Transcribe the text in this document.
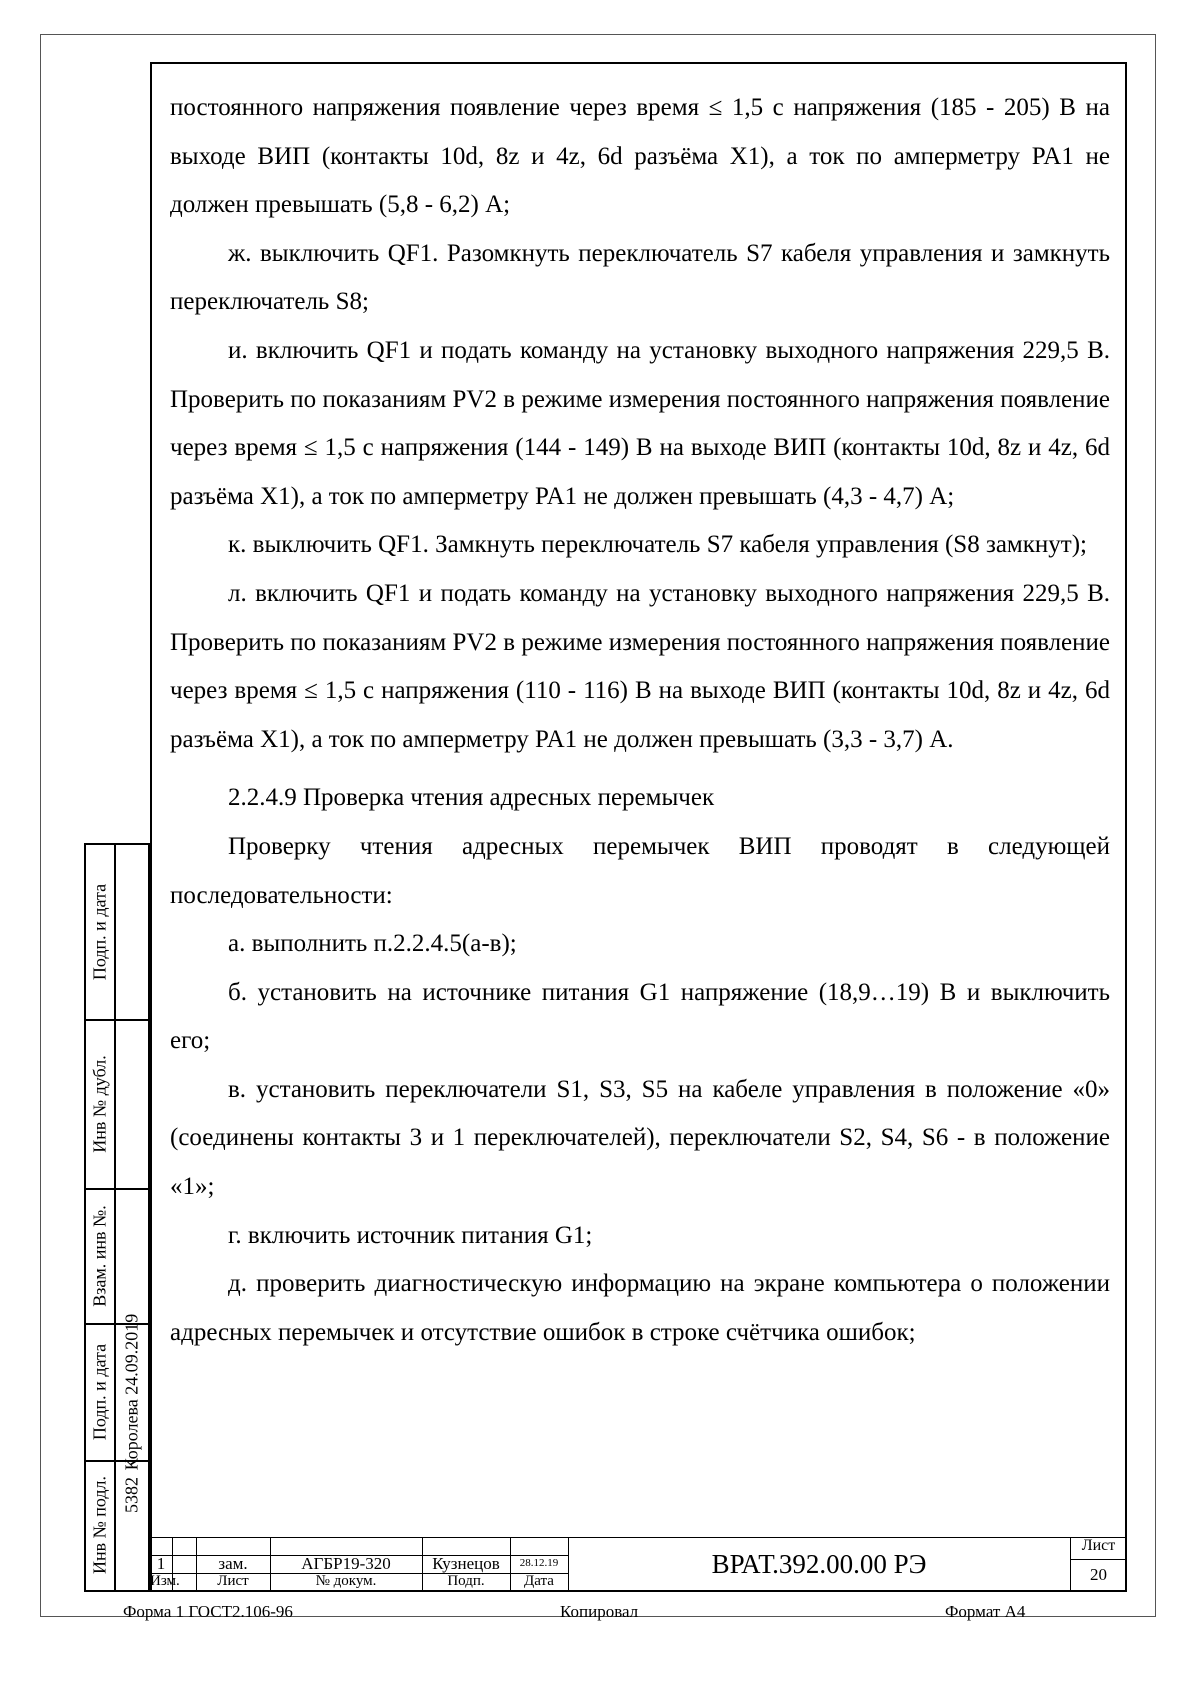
постоянного напряжения появление через время ≤ 1,5 с напряжения (185 - 205) В на выходе ВИП (контакты 10d, 8z и 4z, 6d разъёма X1), а ток по амперметру PA1 не должен превышать (5,8 - 6,2) А;

ж. выключить QF1. Разомкнуть переключатель S7 кабеля управления и замкнуть переключатель S8;

и. включить QF1 и подать команду на установку выходного напряжения 229,5 В. Проверить по показаниям PV2 в режиме измерения постоянного напряжения появление через время ≤ 1,5 с напряжения (144 - 149) В на выходе ВИП (контакты 10d, 8z и 4z, 6d разъёма X1), а ток по амперметру PA1 не должен превышать (4,3 - 4,7) А;

к. выключить QF1. Замкнуть переключатель S7 кабеля управления (S8 замкнут);

л. включить QF1 и подать команду на установку выходного напряжения 229,5 В. Проверить по показаниям PV2 в режиме измерения постоянного напряжения появление через время ≤ 1,5 с напряжения (110 - 116) В на выходе ВИП (контакты 10d, 8z и 4z, 6d разъёма X1), а ток по амперметру PA1 не должен превышать (3,3 - 3,7) А.

2.2.4.9 Проверка чтения адресных перемычек

Проверку чтения адресных перемычек ВИП проводят в следующей последовательности:

а. выполнить п.2.2.4.5(а-в);

б. установить на источнике питания G1 напряжение (18,9…19) В и выключить его;

в. установить переключатели S1, S3, S5 на кабеле управления в положение «0» (соединены контакты 3 и 1 переключателей), переключатели S2, S4, S6 - в положение «1»;

г. включить источник питания G1;

д. проверить диагностическую информацию на экране компьютера о положении адресных перемычек и отсутствие ошибок в строке счётчика ошибок;

Подп. и дата
Инв № дубл.
Взам. инв №.
Подп. и дата Королева 24.09.2019
Инв № подл. 5382
1	зам.	АГБР19-320	Кузнецов	28.12.19
Изм.	Лист	№ докум.	Подп.	Дата
ВРАТ.392.00.00 РЭ
Лист
20
Форма 1 ГОСТ2.106-96	Копировал	Формат А4
